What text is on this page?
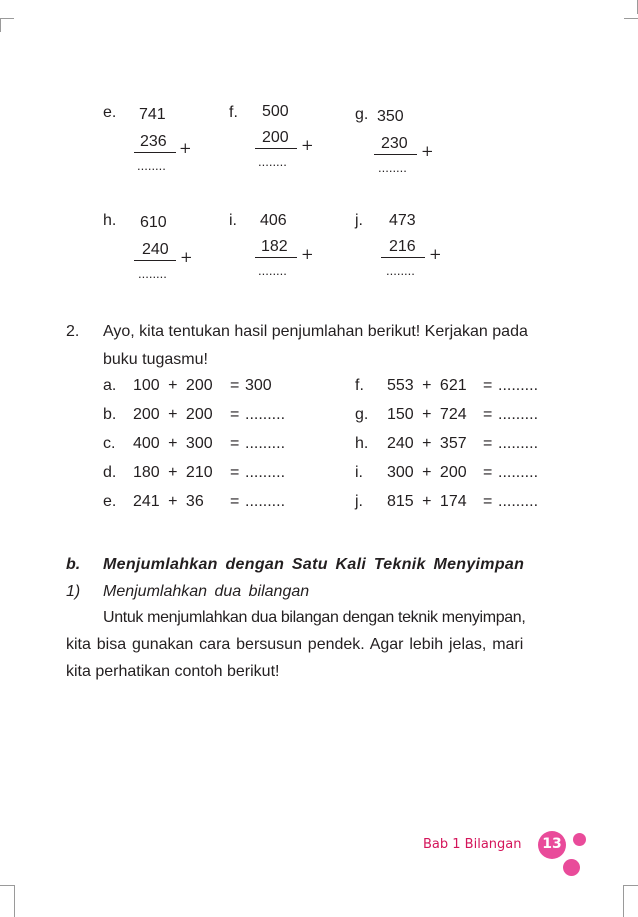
e. 741
236 +
........
f. 500
200 +
........
g. 350
230 +
........
h. 610
240 +
........
i. 406
182 +
........
j. 473
216 +
........
2. Ayo, kita tentukan hasil penjumlahan berikut! Kerjakan pada
buku tugasmu!
a. 100 + 200 = 300
b. 200 + 200 = .........
c. 400 + 300 = .........
d. 180 + 210 = .........
e. 241 + 36 = .........
f. 553 + 621 = .........
g. 150 + 724 = .........
h. 240 + 357 = .........
i. 300 + 200 = .........
j. 815 + 174 = .........
b. Menjumlahkan dengan Satu Kali Teknik Menyimpan
1) Menjumlahkan dua bilangan
Untuk menjumlahkan dua bilangan dengan teknik menyimpan,
kita bisa gunakan cara bersusun pendek. Agar lebih jelas, mari
kita perhatikan contoh berikut!
Bab 1 Bilangan	13
